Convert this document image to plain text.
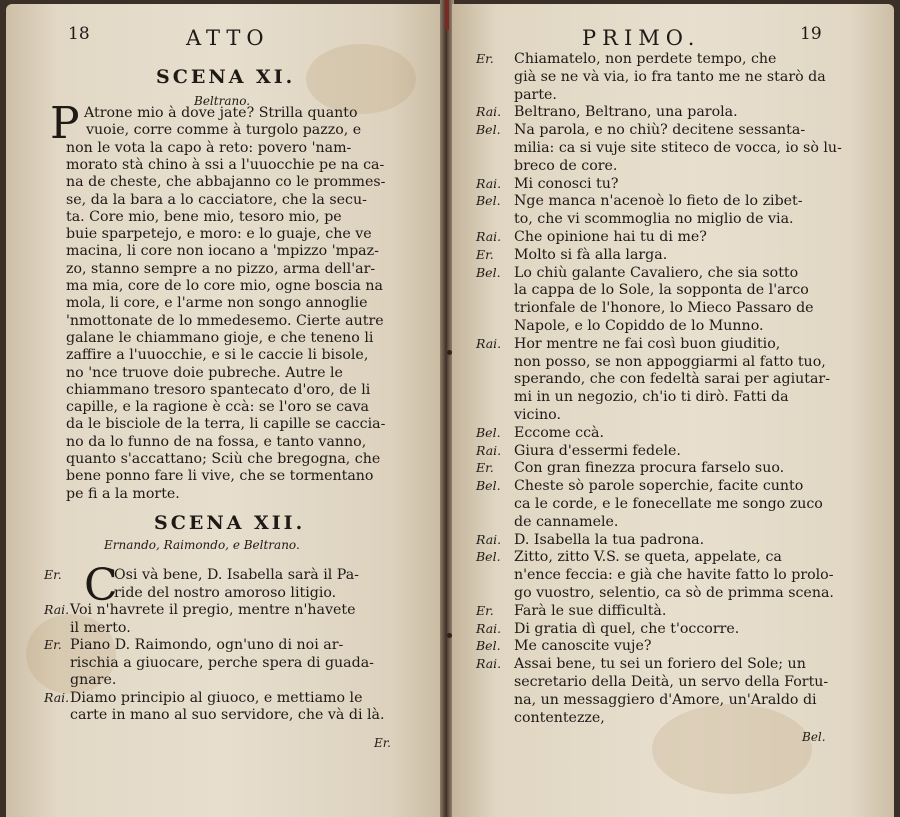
18	ATTO
SCENA XI.
Beltrano.
P Atrone mio à dove jate? Strilla quanto
vuoie, corre comme à turgolo pazzo, e
non le vota la capo à reto: povero 'nam-
morato stà chino à ssi a l'uuocchie pe na ca-
na de cheste, che abbajanno co le prommes-
se, da la bara a lo cacciatore, che la secu-
ta. Core mio, bene mio, tesoro mio, pe
buie sparpetejo, e moro: e lo guaje, che ve
macina, li core non iocano a 'mpizzo 'mpaz-
zo, stanno sempre a no pizzo, arma dell'ar-
ma mia, core de lo core mio, ogne boscia na
mola, li core, e l'arme non songo annoglie
'nmottonate de lo mmedesemo. Cierte autre
galane le chiammano gioje, e che teneno li
zaffire a l'uuocchie, e si le caccie li bisole,
no 'nce truove doie pubreche. Autre le
chiammano tresoro spantecato d'oro, de li
capille, e la ragione è ccà: se l'oro se cava
da le bisciole de la terra, li capille se caccia-
no da lo funno de na fossa, e tanto vanno,
quanto s'accattano; Sciù che bregogna, che
bene ponno fare li vive, che se tormentano
pe fi a la morte.
SCENA XII.
Ernando, Raimondo, e Beltrano.
C
Er.	Osi và bene, D. Isabella sarà il Pa-
ride del nostro amoroso litigio.
Rai.Voi n'havrete il pregio, mentre n'havete
il merto.
Er. Piano D. Raimondo, ogn'uno di noi ar-
rischia a giuocare, perche spera di guada-
gnare.
Rai.Diamo principio al giuoco, e mettiamo le
carte in mano al suo servidore, che và di là.
Er.
PRIMO.	19
Er. Chiamatelo, non perdete tempo, che
già se ne và via, io fra tanto me ne starò da
parte.
Rai. Beltrano, Beltrano, una parola.
Bel. Na parola, e no chiù? decitene sessanta-
milia: ca si vuje site stiteco de vocca, io sò lu-
breco de core.
Rai. Mi conosci tu?
Bel. Nge manca n'acenoè lo fieto de lo zibet-
to, che vi scommoglia no miglio de via.
Rai. Che opinione hai tu di me?
Er. Molto si fà alla larga.
Bel. Lo chiù galante Cavaliero, che sia sotto
la cappa de lo Sole, la sopponta de l'arco
trionfale de l'honore, lo Mieco Passaro de
Napole, e lo Copiddo de lo Munno.
Rai. Hor mentre ne fai così buon giuditio,
non posso, se non appoggiarmi al fatto tuo,
sperando, che con fedeltà sarai per agiutar-
mi in un negozio, ch'io ti dirò. Fatti da
vicino.
Bel. Eccome ccà.
Rai. Giura d'essermi fedele.
Er. Con gran finezza procura farselo suo.
Bel. Cheste sò parole soperchie, facite cunto
ca le corde, e le fonecellate me songo zuco
de cannamele.
Rai. D. Isabella la tua padrona.
Bel. Zitto, zitto V.S. se queta, appelate, ca
n'ence feccia: e già che havite fatto lo prolo-
go vuostro, selentio, ca sò de primma scena.
Er. Farà le sue difficultà.
Rai. Di gratia dì quel, che t'occorre.
Bel. Me canoscite vuje?
Rai. Assai bene, tu sei un foriero del Sole; un
secretario della Deità, un servo della Fortu-
na, un messaggiero d'Amore, un'Araldo di
contentezze,
Bel.
